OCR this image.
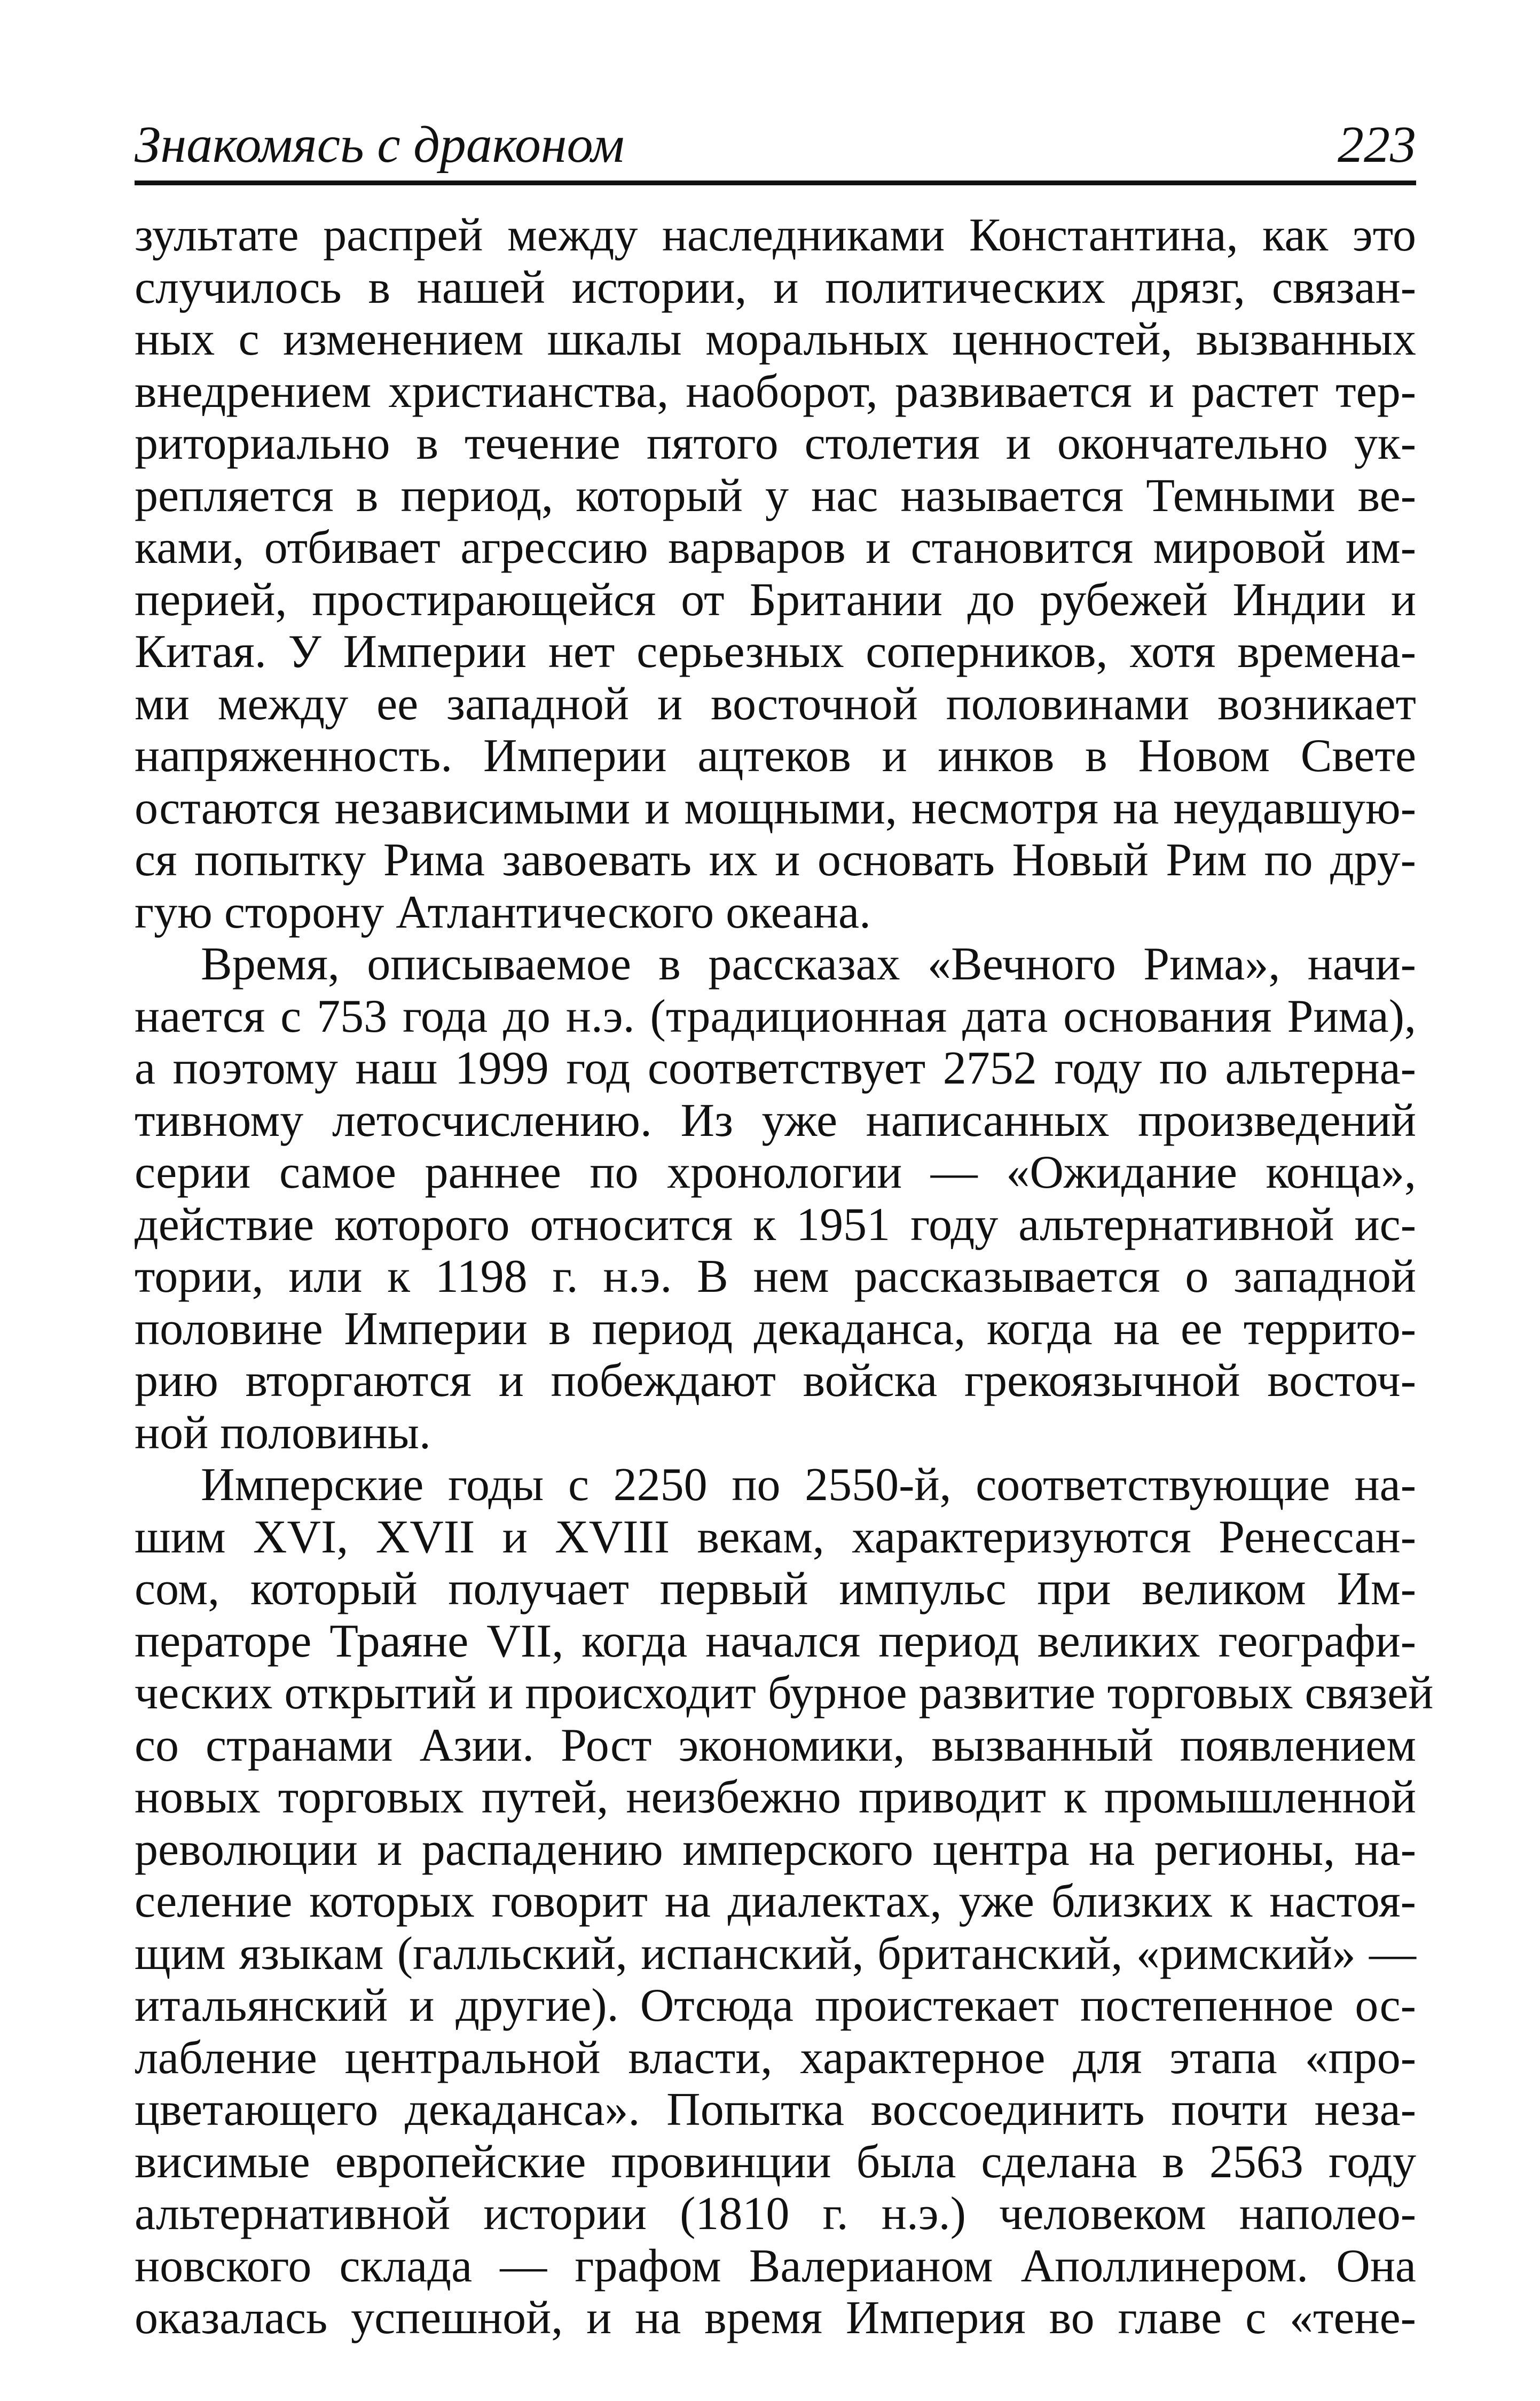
Знакомясь с драконом	223
зультате распрей между наследниками Константина, как это
случилось в нашей истории, и политических дрязг, связан-
ных с изменением шкалы моральных ценностей, вызванных
внедрением христианства, наоборот, развивается и растет тер-
риториально в течение пятого столетия и окончательно ук-
репляется в период, который у нас называется Темными ве-
ками, отбивает агрессию варваров и становится мировой им-
перией, простирающейся от Британии до рубежей Индии и
Китая. У Империи нет серьезных соперников, хотя времена-
ми между ее западной и восточной половинами возникает
напряженность. Империи ацтеков и инков в Новом Свете
остаются независимыми и мощными, несмотря на неудавшую-
ся попытку Рима завоевать их и основать Новый Рим по дру-
гую сторону Атлантического океана.
Время, описываемое в рассказах «Вечного Рима», начи-
нается с 753 года до н.э. (традиционная дата основания Рима),
а поэтому наш 1999 год соответствует 2752 году по альтерна-
тивному летосчислению. Из уже написанных произведений
серии самое раннее по хронологии — «Ожидание конца»,
действие которого относится к 1951 году альтернативной ис-
тории, или к 1198 г. н.э. В нем рассказывается о западной
половине Империи в период декаданса, когда на ее террито-
рию вторгаются и побеждают войска грекоязычной восточ-
ной половины.
Имперские годы с 2250 по 2550-й, соответствующие на-
шим XVI, XVII и XVIII векам, характеризуются Ренессан-
сом, который получает первый импульс при великом Им-
ператоре Траяне VII, когда начался период великих географи-
ческих открытий и происходит бурное развитие торговых связей
со странами Азии. Рост экономики, вызванный появлением
новых торговых путей, неизбежно приводит к промышленной
революции и распадению имперского центра на регионы, на-
селение которых говорит на диалектах, уже близких к настоя-
щим языкам (галльский, испанский, британский, «римский» —
итальянский и другие). Отсюда проистекает постепенное ос-
лабление центральной власти, характерное для этапа «про-
цветающего декаданса». Попытка воссоединить почти неза-
висимые европейские провинции была сделана в 2563 году
альтернативной истории (1810 г. н.э.) человеком наполео-
новского склада — графом Валерианом Аполлинером. Она
оказалась успешной, и на время Империя во главе с «тене-
